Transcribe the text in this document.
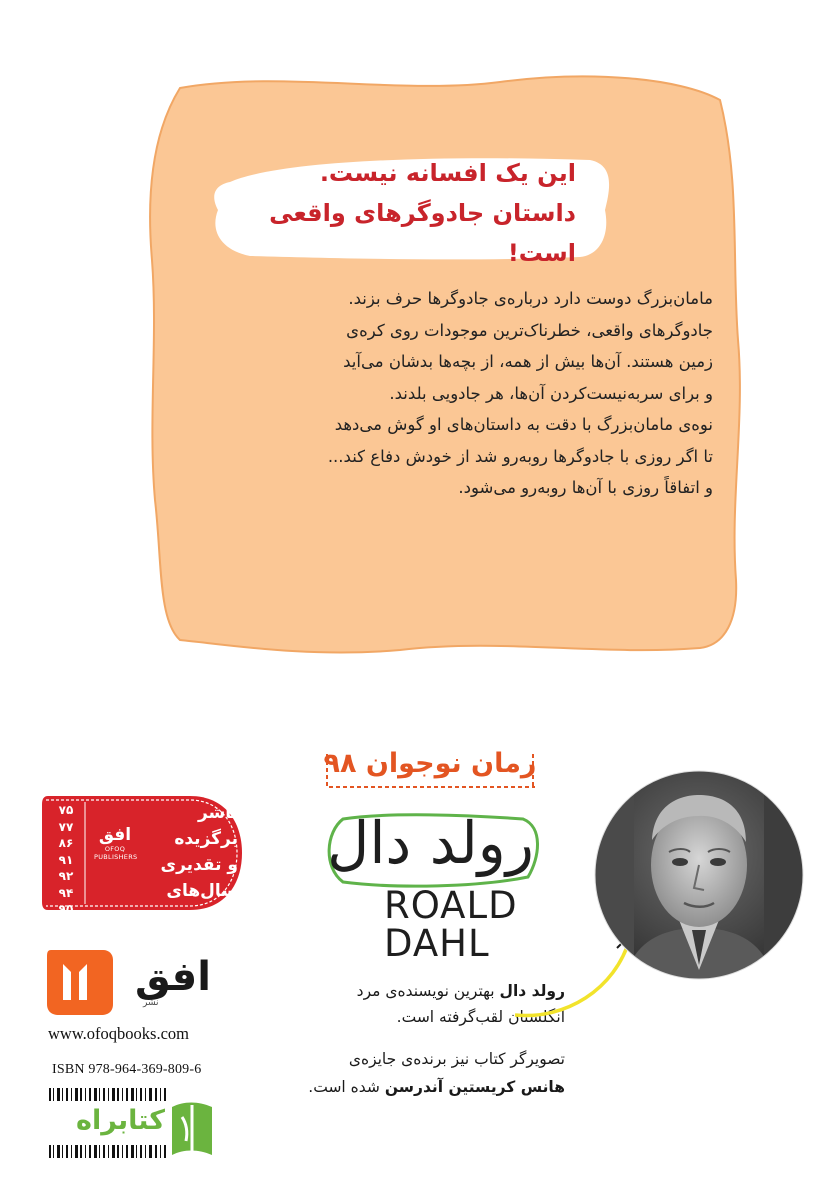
این یک افسانه نیست.
داستان جادوگرهای واقعی است!
مامان‌بزرگ دوست دارد درباره‌ی جادوگرها حرف بزند.
جادوگرهای واقعی، خطرناک‌ترین موجودات روی کره‌ی
زمین هستند. آن‌ها بیش از همه، از بچه‌ها بدشان می‌آید
و برای سربه‌نیست‌کردن آن‌ها، هر جادویی بلدند.
نوه‌ی مامان‌بزرگ با دقت به داستان‌های او گوش می‌دهد
تا اگر روزی با جادوگرها روبه‌رو شد از خودش دفاع کند...
و اتفاقاً روزی با آن‌ها روبه‌رو می‌شود.
رمان نوجوان ۹۸
رولد دال
ROALD
DAHL
رولد دال بهترین نویسنده‌ی مرد
انگلستان لقب‌گرفته است.
تصویرگر کتاب نیز برنده‌ی جایزه‌ی
هانس کریستین آندرسن شده است.
۷۵
۷۷
۸۶
۹۱
۹۲
۹۴
۹۵
۹۶
افق
OFOQ PUBLISHERS
ناشر
برگزیده
و تقدیری
سال‌های
افق
نشر
www.ofoqbooks.com
ISBN 978-964-369-809-6
کتابراه
